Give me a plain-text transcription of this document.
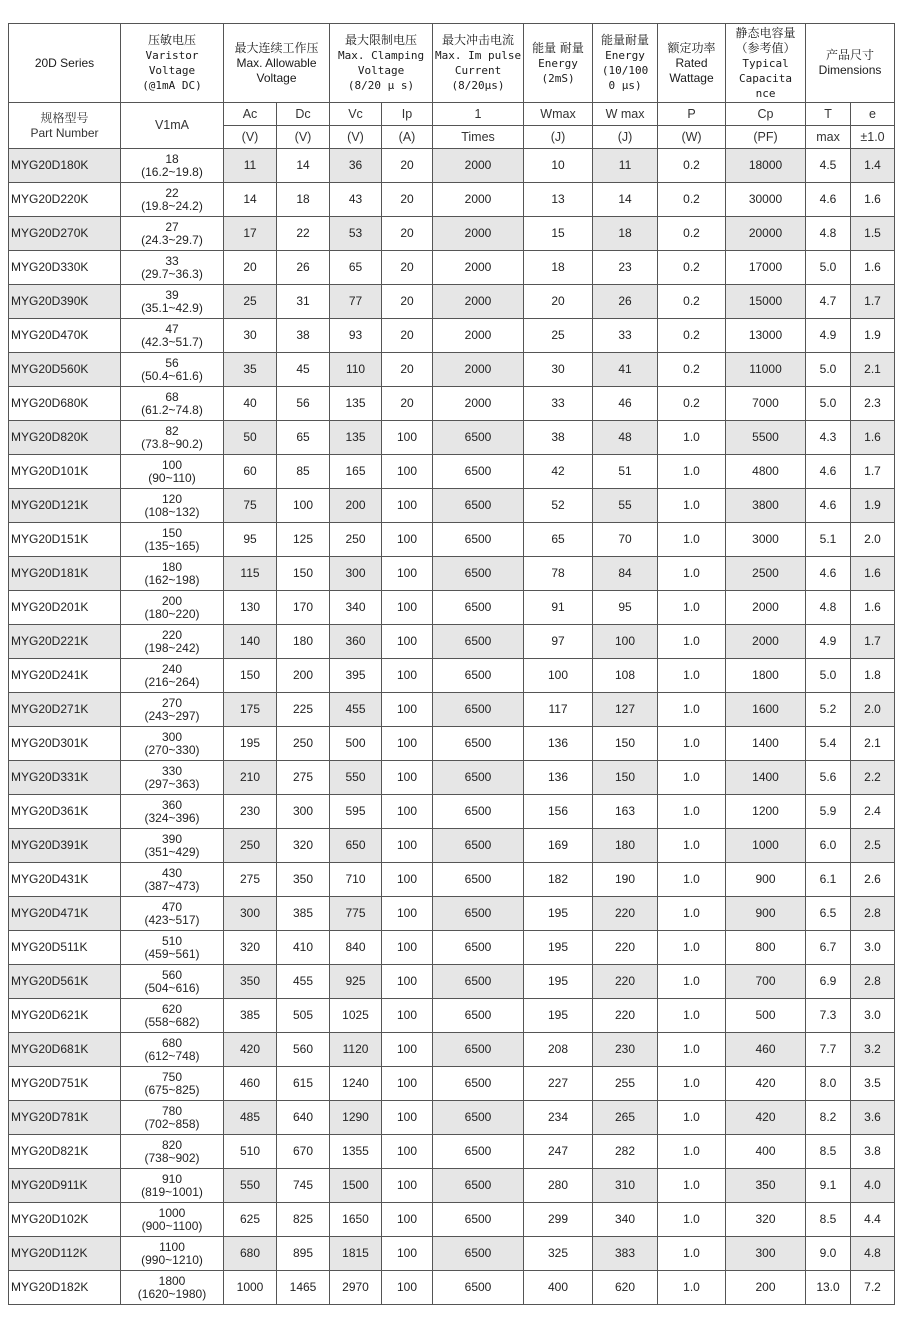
20D Series	压敏电压
Varistor
Voltage
(@1mA DC)	最大连续工作压
Max. Allowable
Voltage		最大限制电压
Max. Clamping
Voltage
(8/20 μ s)		最大冲击电流
Max. Im pulse
Current
(8/20μs)	能量 耐量
Energy
(2mS)	能量耐量
Energy
(10/100
0 μs)	额定功率
Rated
Wattage	静态电容量
（参考值）
Typical
Capacita
nce	产品尺寸
Dimensions	

规格型号
Part Number	V1mA	Ac	Dc	Vc	Ip	1	Wmax	W max	P	Cp	T	e
		(V)	(V)	(V)	(A)	Times	(J)	(J)	(W)	(PF)	max	±1.0
MYG20D180K	18
(16.2~19.8)	11	14	36	20	2000	10	11	0.2	18000	4.5	1.4
MYG20D220K	22
(19.8~24.2)	14	18	43	20	2000	13	14	0.2	30000	4.6	1.6
MYG20D270K	27
(24.3~29.7)	17	22	53	20	2000	15	18	0.2	20000	4.8	1.5
MYG20D330K	33
(29.7~36.3)	20	26	65	20	2000	18	23	0.2	17000	5.0	1.6
MYG20D390K	39
(35.1~42.9)	25	31	77	20	2000	20	26	0.2	15000	4.7	1.7
MYG20D470K	47
(42.3~51.7)	30	38	93	20	2000	25	33	0.2	13000	4.9	1.9
MYG20D560K	56
(50.4~61.6)	35	45	110	20	2000	30	41	0.2	11000	5.0	2.1
MYG20D680K	68
(61.2~74.8)	40	56	135	20	2000	33	46	0.2	7000	5.0	2.3
MYG20D820K	82
(73.8~90.2)	50	65	135	100	6500	38	48	1.0	5500	4.3	1.6
MYG20D101K	100
(90~110)	60	85	165	100	6500	42	51	1.0	4800	4.6	1.7
MYG20D121K	120
(108~132)	75	100	200	100	6500	52	55	1.0	3800	4.6	1.9
MYG20D151K	150
(135~165)	95	125	250	100	6500	65	70	1.0	3000	5.1	2.0
MYG20D181K	180
(162~198)	115	150	300	100	6500	78	84	1.0	2500	4.6	1.6
MYG20D201K	200
(180~220)	130	170	340	100	6500	91	95	1.0	2000	4.8	1.6
MYG20D221K	220
(198~242)	140	180	360	100	6500	97	100	1.0	2000	4.9	1.7
MYG20D241K	240
(216~264)	150	200	395	100	6500	100	108	1.0	1800	5.0	1.8
MYG20D271K	270
(243~297)	175	225	455	100	6500	117	127	1.0	1600	5.2	2.0
MYG20D301K	300
(270~330)	195	250	500	100	6500	136	150	1.0	1400	5.4	2.1
MYG20D331K	330
(297~363)	210	275	550	100	6500	136	150	1.0	1400	5.6	2.2
MYG20D361K	360
(324~396)	230	300	595	100	6500	156	163	1.0	1200	5.9	2.4
MYG20D391K	390
(351~429)	250	320	650	100	6500	169	180	1.0	1000	6.0	2.5
MYG20D431K	430
(387~473)	275	350	710	100	6500	182	190	1.0	900	6.1	2.6
MYG20D471K	470
(423~517)	300	385	775	100	6500	195	220	1.0	900	6.5	2.8
MYG20D511K	510
(459~561)	320	410	840	100	6500	195	220	1.0	800	6.7	3.0
MYG20D561K	560
(504~616)	350	455	925	100	6500	195	220	1.0	700	6.9	2.8
MYG20D621K	620
(558~682)	385	505	1025	100	6500	195	220	1.0	500	7.3	3.0
MYG20D681K	680
(612~748)	420	560	1120	100	6500	208	230	1.0	460	7.7	3.2
MYG20D751K	750
(675~825)	460	615	1240	100	6500	227	255	1.0	420	8.0	3.5
MYG20D781K	780
(702~858)	485	640	1290	100	6500	234	265	1.0	420	8.2	3.6
MYG20D821K	820
(738~902)	510	670	1355	100	6500	247	282	1.0	400	8.5	3.8
MYG20D911K	910
(819~1001)	550	745	1500	100	6500	280	310	1.0	350	9.1	4.0
MYG20D102K	1000
(900~1100)	625	825	1650	100	6500	299	340	1.0	320	8.5	4.4
MYG20D112K	1100
(990~1210)	680	895	1815	100	6500	325	383	1.0	300	9.0	4.8
MYG20D182K	1800
(1620~1980)	1000	1465	2970	100	6500	400	620	1.0	200	13.0	7.2
